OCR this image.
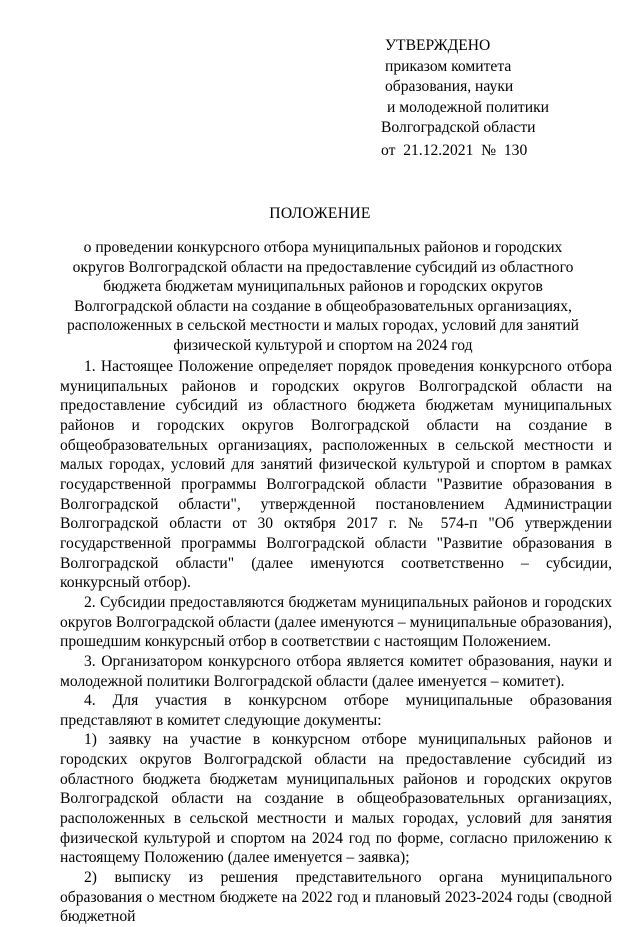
УТВЕРЖДЕНО
приказом комитета
образования, науки
и молодежной политики
Волгоградской области
от  21.12.2021  №  130
ПОЛОЖЕНИЕ
о проведении конкурсного отбора муниципальных районов и городских округов Волгоградской области на предоставление субсидий из областного бюджета бюджетам муниципальных районов и городских округов Волгоградской области на создание в общеобразовательных организациях, расположенных в сельской местности и малых городах, условий для занятий физической культурой и спортом на 2024 год

1. Настоящее Положение определяет порядок проведения конкурсного отбора муниципальных районов и городских округов Волгоградской области на предоставление субсидий из областного бюджета бюджетам муниципальных районов и городских округов Волгоградской области на создание в общеобразовательных организациях, расположенных в сельской местности и малых городах, условий для занятий физической культурой и спортом в рамках государственной программы Волгоградской области "Развитие образования в Волгоградской области", утвержденной постановлением Администрации Волгоградской области от 30 октября 2017 г. № 574-п "Об утверждении государственной программы Волгоградской области "Развитие образования в Волгоградской области" (далее именуются соответственно – субсидии, конкурсный отбор).

2. Субсидии предоставляются бюджетам муниципальных районов и городских округов Волгоградской области (далее именуются – муниципальные образования), прошедшим конкурсный отбор в соответствии с настоящим Положением.

3. Организатором конкурсного отбора является комитет образования, науки и молодежной политики Волгоградской области (далее именуется – комитет).

4. Для участия в конкурсном отборе муниципальные образования представляют в комитет следующие документы:

1) заявку на участие в конкурсном отборе муниципальных районов и городских округов Волгоградской области на предоставление субсидий из областного бюджета бюджетам муниципальных районов и городских округов Волгоградской области на создание в общеобразовательных организациях, расположенных в сельской местности и малых городах, условий для занятия физической культурой и спортом на 2024 год по форме, согласно приложению к настоящему Положению (далее именуется – заявка);

2) выписку из решения представительного органа муниципального образования о местном бюджете на 2022 год и плановый 2023-2024 годы (сводной бюджетной
